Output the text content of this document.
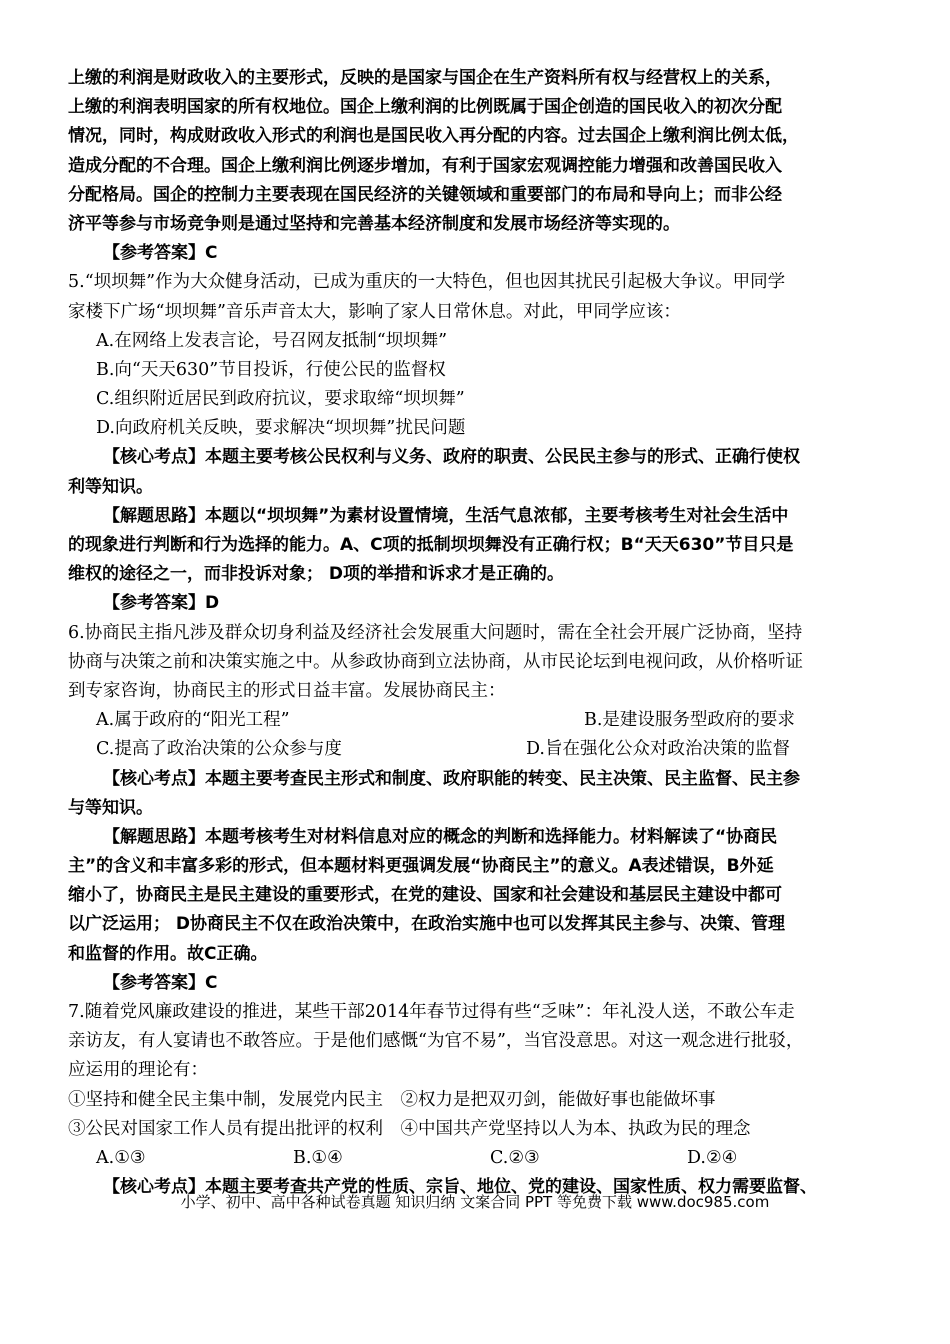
上缴的利润是财政收入的主要形式，反映的是国家与国企在生产资料所有权与经营权上的关系，
上缴的利润表明国家的所有权地位。国企上缴利润的比例既属于国企创造的国民收入的初次分配
情况，同时，构成财政收入形式的利润也是国民收入再分配的内容。过去国企上缴利润比例太低，
造成分配的不合理。国企上缴利润比例逐步增加，有利于国家宏观调控能力增强和改善国民收入
分配格局。国企的控制力主要表现在国民经济的关键领域和重要部门的布局和导向上；而非公经
济平等参与市场竞争则是通过坚持和完善基本经济制度和发展市场经济等实现的。
【参考答案】C
5.“坝坝舞”作为大众健身活动，已成为重庆的一大特色，但也因其扰民引起极大争议。甲同学
家楼下广场“坝坝舞”音乐声音太大，影响了家人日常休息。对此，甲同学应该：
A.在网络上发表言论，号召网友抵制“坝坝舞”
B.向“天天630”节目投诉，行使公民的监督权
C.组织附近居民到政府抗议，要求取缔“坝坝舞”
D.向政府机关反映，要求解决“坝坝舞”扰民问题
【核心考点】本题主要考核公民权利与义务、政府的职责、公民民主参与的形式、正确行使权
利等知识。
【解题思路】本题以“坝坝舞”为素材设置情境，生活气息浓郁，主要考核考生对社会生活中
的现象进行判断和行为选择的能力。A、C项的抵制坝坝舞没有正确行权；B“天天630”节目只是
维权的途径之一，而非投诉对象； D项的举措和诉求才是正确的。
【参考答案】D
6.协商民主指凡涉及群众切身利益及经济社会发展重大问题时，需在全社会开展广泛协商，坚持
协商与决策之前和决策实施之中。从参政协商到立法协商，从市民论坛到电视问政，从价格听证
到专家咨询，协商民主的形式日益丰富。发展协商民主：
A.属于政府的“阳光工程”	B.是建设服务型政府的要求
C.提高了政治决策的公众参与度	D.旨在强化公众对政治决策的监督
【核心考点】本题主要考查民主形式和制度、政府职能的转变、民主决策、民主监督、民主参
与等知识。
【解题思路】本题考核考生对材料信息对应的概念的判断和选择能力。材料解读了“协商民
主”的含义和丰富多彩的形式，但本题材料更强调发展“协商民主”的意义。A表述错误，B外延
缩小了，协商民主是民主建设的重要形式，在党的建设、国家和社会建设和基层民主建设中都可
以广泛运用； D协商民主不仅在政治决策中，在政治实施中也可以发挥其民主参与、决策、管理
和监督的作用。故C正确。
【参考答案】C
7.随着党风廉政建设的推进，某些干部2014年春节过得有些“乏味”：年礼没人送，不敢公车走
亲访友，有人宴请也不敢答应。于是他们感慨“为官不易”，当官没意思。对这一观念进行批驳，
应运用的理论有：
①坚持和健全民主集中制，发展党内民主　②权力是把双刃剑，能做好事也能做坏事
③公民对国家工作人员有提出批评的权利　④中国共产党坚持以人为本、执政为民的理念
A.①③	B.①④	C.②③	D.②④
【核心考点】本题主要考查共产党的性质、宗旨、地位、党的建设、国家性质、权力需要监督、
小学、初中、高中各种试卷真题 知识归纳 文案合同 PPT 等免费下载 www.doc985.com
